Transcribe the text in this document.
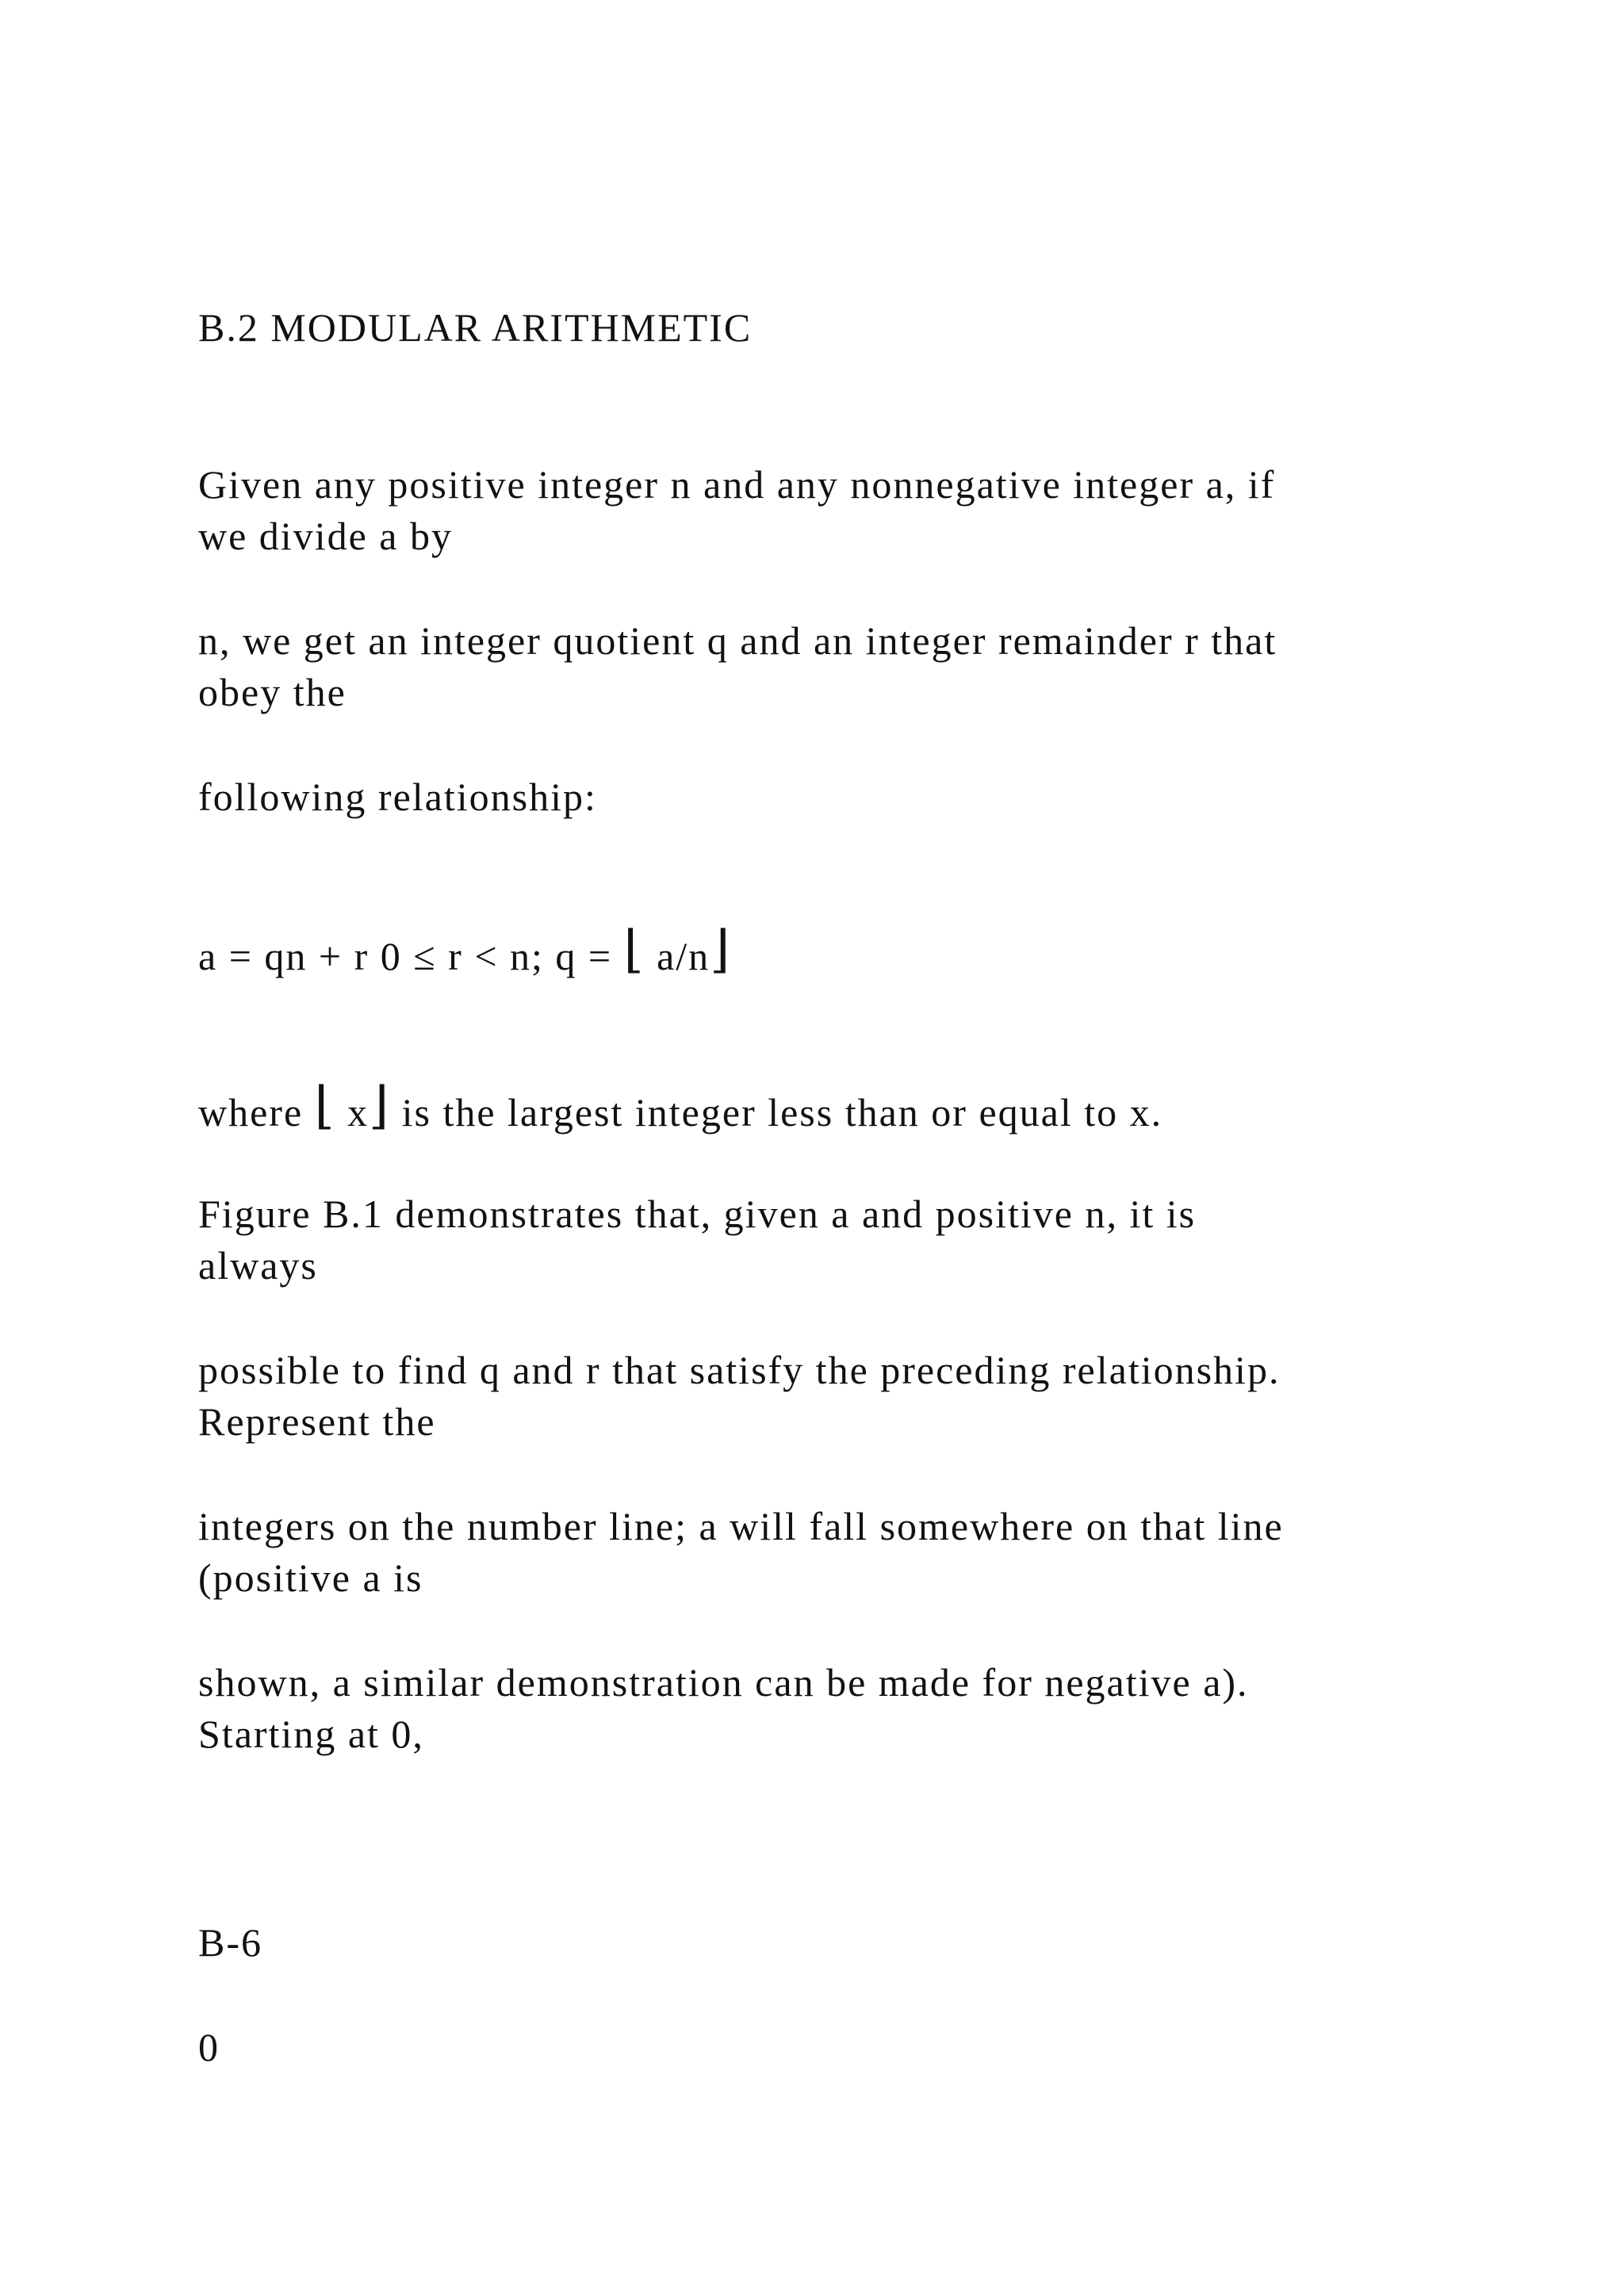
B.2 MODULAR ARITHMETIC
Given any positive integer n and any nonnegative integer a, if
we divide a by
n, we get an integer quotient q and an integer remainder r that
obey the
following relationship:
a = qn + r 0 ≤ r < n; q = ⌊ a/n⌋
where ⌊ x⌋ is the largest integer less than or equal to x.
Figure B.1 demonstrates that, given a and positive n, it is
always
possible to find q and r that satisfy the preceding relationship.
Represent the
integers on the number line; a will fall somewhere on that line
(positive a is
shown, a similar demonstration can be made for negative a).
Starting at 0,
B-6
0
